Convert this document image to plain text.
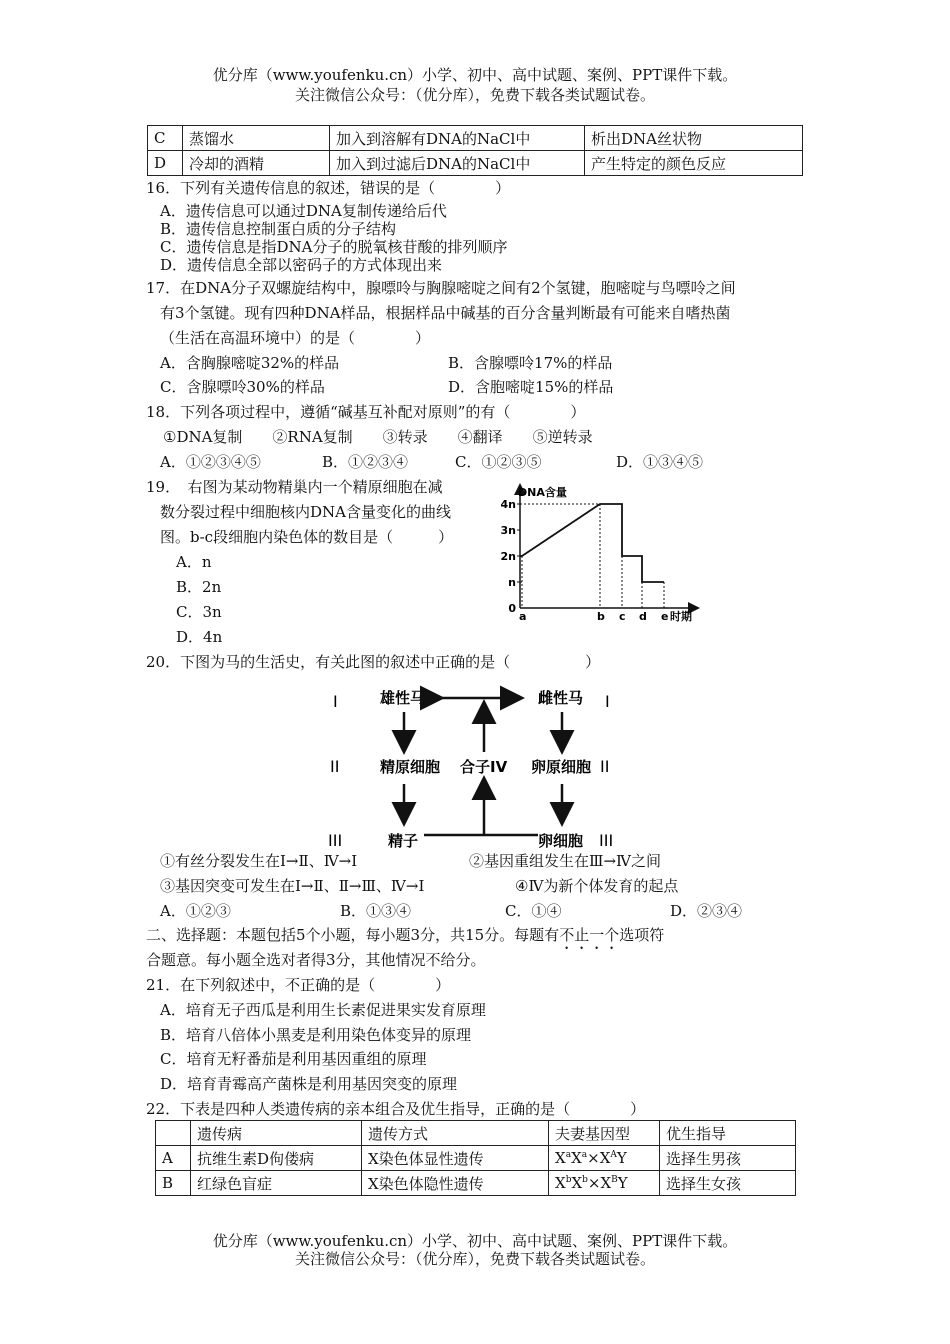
优分库（www.youfenku.cn）小学、初中、高中试题、案例、PPT课件下载。
关注微信公众号：（优分库），免费下载各类试题试卷。
C	蒸馏水	加入到溶解有DNA的NaCl中	析出DNA丝状物
D	冷却的酒精	加入到过滤后DNA的NaCl中	产生特定的颜色反应
16．下列有关遗传信息的叙述，错误的是（　　　　）
A．遗传信息可以通过DNA复制传递给后代
B．遗传信息控制蛋白质的分子结构
C．遗传信息是指DNA分子的脱氧核苷酸的排列顺序
D．遗传信息全部以密码子的方式体现出来
17．在DNA分子双螺旋结构中，腺嘌呤与胸腺嘧啶之间有2个氢键，胞嘧啶与鸟嘌呤之间
有3个氢键。现有四种DNA样品，根据样品中碱基的百分含量判断最有可能来自嗜热菌
（生活在高温环境中）的是（　　　　）
A．含胸腺嘧啶32%的样品	B．含腺嘌呤17%的样品
C．含腺嘌呤30%的样品	D．含胞嘧啶15%的样品
18．下列各项过程中，遵循“碱基互补配对原则”的有（　　　　）
①DNA复制　　②RNA复制　　③转录　　④翻译　　⑤逆转录
A．①②③④⑤	B．①②③④	C．①②③⑤	D．①③④⑤
19．　右图为某动物精巢内一个精原细胞在减
数分裂过程中细胞核内DNA含量变化的曲线
图。b-c段细胞内染色体的数目是（　　　）
A．n
B．2n
C．3n
D．4n
DNA含量
4n
3n
2n
n
0
a	b c d e 时期
20．下图为马的生活史，有关此图的叙述中正确的是（　　　　　）
I	I
II	II
III	III
雄性马	雌性马
精原细胞 合子IV 卵原细胞
精子	卵细胞
①有丝分裂发生在Ⅰ→Ⅱ、Ⅳ→Ⅰ	②基因重组发生在Ⅲ→Ⅳ之间
③基因突变可发生在Ⅰ→Ⅱ、Ⅱ→Ⅲ、Ⅳ→Ⅰ	④Ⅳ为新个体发育的起点
A．①②③	B．①③④	C．①④	D．②③④
二、选择题：本题包括5个小题，每小题3分，共15分。每题有不止一个选项符
合题意。每小题全选对者得3分，其他情况不给分。
21．在下列叙述中，不正确的是（　　　　）
A．培育无子西瓜是利用生长素促进果实发育原理
B．培育八倍体小黑麦是利用染色体变异的原理
C．培育无籽番茄是利用基因重组的原理
D．培育青霉高产菌株是利用基因突变的原理
22．下表是四种人类遗传病的亲本组合及优生指导，正确的是（　　　　）
	遗传病	遗传方式	夫妻基因型	优生指导
A	抗维生素D佝偻病	X染色体显性遗传	$X^aX^a\times X^AY$	选择生男孩
B	红绿色盲症	X染色体隐性遗传	$X^bX^b\times X^BY$	选择生女孩
优分库（www.youfenku.cn）小学、初中、高中试题、案例、PPT课件下载。
关注微信公众号：（优分库），免费下载各类试题试卷。
